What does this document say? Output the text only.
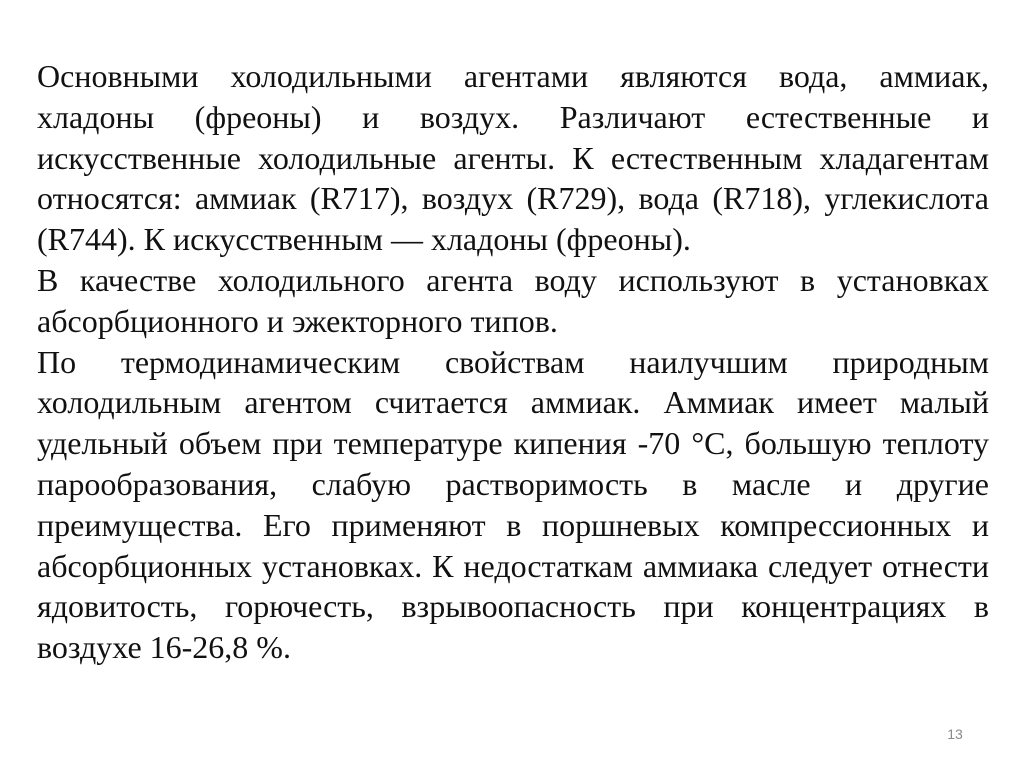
Основными холодильными агентами являются вода, аммиак, хладоны (фреоны) и воздух. Различают естественные и искусственные холодильные агенты. К естественным хладагентам относятся: аммиак (R717), воздух (R729), вода (R718), углекислота (R744). К искусственным — хладоны (фреоны).

В качестве холодильного агента воду используют в установках абсорбционного и эжекторного типов.

По термодинамическим свойствам наилучшим природным холодильным агентом считается аммиак. Аммиак имеет малый удельный объем при температуре кипения -70 °С, большую теплоту парообразования, слабую растворимость в масле и другие преимущества. Его применяют в поршневых компрессионных и абсорбционных установках. К недостаткам аммиака следует отнести ядовитость, горючесть, взрывоопасность при концентрациях в воздухе 16-26,8 %.

13
